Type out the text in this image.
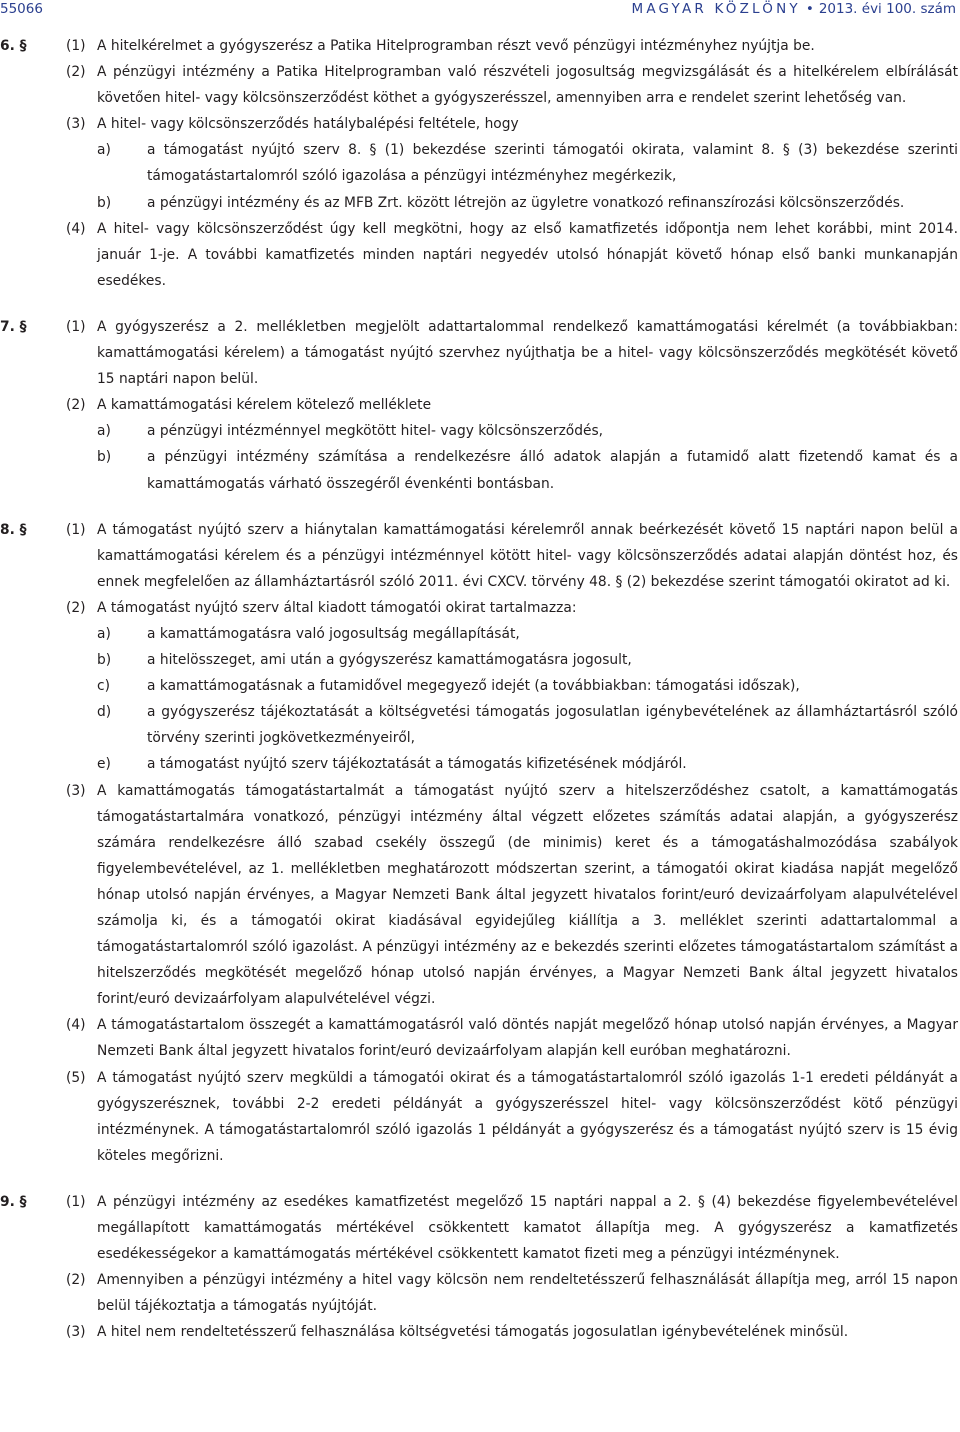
55066	MAGYAR KÖZLÖNY • 2013. évi 100. szám
6. §	(1) A hitelkérelmet a gyógyszerész a Patika Hitelprogramban részt vevő pénzügyi intézményhez nyújtja be.

(2) A pénzügyi intézmény a Patika Hitelprogramban való részvételi jogosultság megvizsgálását és a hitelkérelem elbírálását követően hitel- vagy kölcsönszerződést köthet a gyógyszerésszel, amennyiben arra e rendelet szerint lehetőség van.

(3) A hitel- vagy kölcsönszerződés hatálybalépési feltétele, hogy

a)	a támogatást nyújtó szerv 8. § (1) bekezdése szerinti támogatói okirata, valamint 8. § (3) bekezdése szerinti támogatástartalomról szóló igazolása a pénzügyi intézményhez megérkezik,

b)	a pénzügyi intézmény és az MFB Zrt. között létrejön az ügyletre vonatkozó refinanszírozási kölcsönszerződés.

(4) A hitel- vagy kölcsönszerződést úgy kell megkötni, hogy az első kamatfizetés időpontja nem lehet korábbi, mint 2014. január 1-je. A további kamatfizetés minden naptári negyedév utolsó hónapját követő hónap első banki munkanapján esedékes.

7. §	(1) A gyógyszerész a 2. mellékletben megjelölt adattartalommal rendelkező kamattámogatási kérelmét (a továbbiakban: kamattámogatási kérelem) a támogatást nyújtó szervhez nyújthatja be a hitel- vagy kölcsönszerződés megkötését követő 15 naptári napon belül.

(2) A kamattámogatási kérelem kötelező melléklete

a)	a pénzügyi intézménnyel megkötött hitel- vagy kölcsönszerződés,

b)	a pénzügyi intézmény számítása a rendelkezésre álló adatok alapján a futamidő alatt fizetendő kamat és a kamattámogatás várható összegéről évenkénti bontásban.

8. §	(1) A támogatást nyújtó szerv a hiánytalan kamattámogatási kérelemről annak beérkezését követő 15 naptári napon belül a kamattámogatási kérelem és a pénzügyi intézménnyel kötött hitel- vagy kölcsönszerződés adatai alapján döntést hoz, és ennek megfelelően az államháztartásról szóló 2011. évi CXCV. törvény 48. § (2) bekezdése szerint támogatói okiratot ad ki.

(2) A támogatást nyújtó szerv által kiadott támogatói okirat tartalmazza:

a)	a kamattámogatásra való jogosultság megállapítását,

b)	a hitelösszeget, ami után a gyógyszerész kamattámogatásra jogosult,

c)	a kamattámogatásnak a futamidővel megegyező idejét (a továbbiakban: támogatási időszak),

d)	a gyógyszerész tájékoztatását a költségvetési támogatás jogosulatlan igénybevételének az államháztartásról szóló törvény szerinti jogkövetkezményeiről,

e)	a támogatást nyújtó szerv tájékoztatását a támogatás kifizetésének módjáról.

(3) A kamattámogatás támogatástartalmát a támogatást nyújtó szerv a hitelszerződéshez csatolt, a kamattámogatás támogatástartalmára vonatkozó, pénzügyi intézmény által végzett előzetes számítás adatai alapján, a gyógyszerész számára rendelkezésre álló szabad csekély összegű (de minimis) keret és a támogatáshalmozódása szabályok figyelembevételével, az 1. mellékletben meghatározott módszertan szerint, a támogatói okirat kiadása napját megelőző hónap utolsó napján érvényes, a Magyar Nemzeti Bank által jegyzett hivatalos forint/euró devizaárfolyam alapulvételével számolja ki, és a támogatói okirat kiadásával egyidejűleg kiállítja a 3. melléklet szerinti adattartalommal a támogatástartalomról szóló igazolást. A pénzügyi intézmény az e bekezdés szerinti előzetes támogatástartalom számítást a hitelszerződés megkötését megelőző hónap utolsó napján érvényes, a Magyar Nemzeti Bank által jegyzett hivatalos forint/euró devizaárfolyam alapulvételével végzi.

(4) A támogatástartalom összegét a kamattámogatásról való döntés napját megelőző hónap utolsó napján érvényes, a Magyar Nemzeti Bank által jegyzett hivatalos forint/euró devizaárfolyam alapján kell euróban meghatározni.

(5) A támogatást nyújtó szerv megküldi a támogatói okirat és a támogatástartalomról szóló igazolás 1-1 eredeti példányát a gyógyszerésznek, további 2-2 eredeti példányát a gyógyszerésszel hitel- vagy kölcsönszerződést kötő pénzügyi intézménynek. A támogatástartalomról szóló igazolás 1 példányát a gyógyszerész és a támogatást nyújtó szerv is 15 évig köteles megőrizni.

9. §	(1) A pénzügyi intézmény az esedékes kamatfizetést megelőző 15 naptári nappal a 2. § (4) bekezdése figyelembevételével megállapított kamattámogatás mértékével csökkentett kamatot állapítja meg. A gyógyszerész a kamatfizetés esedékességekor a kamattámogatás mértékével csökkentett kamatot fizeti meg a pénzügyi intézménynek.

(2) Amennyiben a pénzügyi intézmény a hitel vagy kölcsön nem rendeltetésszerű felhasználását állapítja meg, arról 15 napon belül tájékoztatja a támogatás nyújtóját.

(3) A hitel nem rendeltetésszerű felhasználása költségvetési támogatás jogosulatlan igénybevételének minősül.
